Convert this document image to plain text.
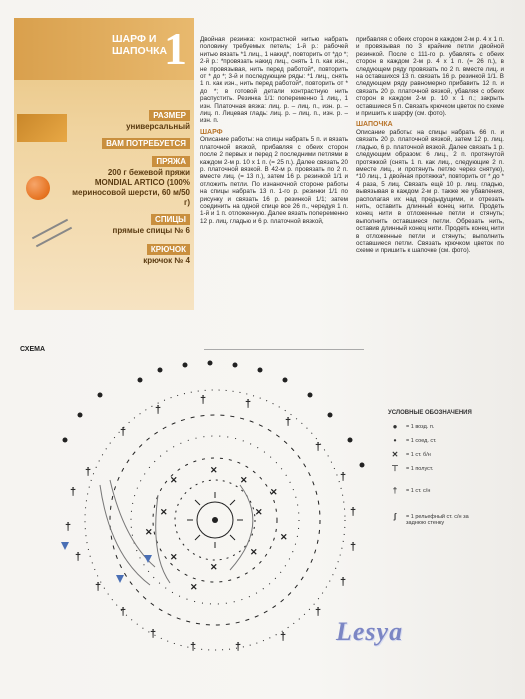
ШАРФ И ШАПОЧКА
1
РАЗМЕР
универсальный
ВАМ ПОТРЕБУЕТСЯ
ПРЯЖА
200 г бежевой пряжи MONDIAL ARTICO (100% мериносовой шерсти, 60 м/50 г)
СПИЦЫ
прямые спицы № 6
КРЮЧОК
крючок № 4
Двойная резинка: контрастной нитью набрать половину требуемых петель; 1-й р.: рабочей нитью вязать *1 лиц., 1 накид*, повторить от *до *; 2-й р.: *провязать накид лиц., снять 1 п. как изн., не провязывая, нить перед работой*, повторить от * до *; 3-й и последующие ряды: *1 лиц., снять 1 п. как изн., нить перед работой*, повторить от * до *; в готовой детали контрастную нить распустить. Резинка 1/1: попеременно 1 лиц., 1 изн. Платочная вязка: лиц. р. – лиц. п., изн. р. – лиц. п. Лицевая гладь: лиц. р. – лиц. п., изн. р. – изн. п.
ШАРФ
Описание работы: на спицы набрать 5 п. и вязать платочной вязкой, прибавляя с обеих сторон после 2 первых и перед 2 последними петлями в каждом 2-м р. 10 х 1 п. (= 25 п.). Далее связать 20 р. платочной вязкой. В 42-м р. провязать по 2 п. вместе лиц. (= 13 п.), затем 16 р. резинкой 1/1 и отложить петли. По изнаночной стороне работы на спицы набрать 13 п. 1-го р. резинки 1/1 по рисунку и связать 16 р. резинкой 1/1; затем соединить на одной спице все 26 п., чередуя 1 п. 1-й и 1 п. отложенную. Далее вязать попеременно 12 р. лиц. гладью и 6 р. платочной вязкой,
прибавляя с обеих сторон в каждом 2-м р. 4 х 1 п. и провязывая по 3 крайние петли двойной резинкой. После с 111-го р. убавлять с обеих сторон в каждом 2-м р. 4 х 1 п. (= 26 п.), в следующем ряду провязать по 2 п. вместе лиц. и на оставшихся 13 п. связать 16 р. резинкой 1/1. В следующем ряду равномерно прибавить 12 п. и связать 20 р. платочной вязкой, убавляя с обеих сторон в каждом 2-м р. 10 х 1 п.; закрыть оставшиеся 5 п. Связать крючком цветок по схеме и пришить к шарфу (см. фото).
ШАПОЧКА
Описание работы: на спицы набрать 66 п. и связать 20 р. платочной вязкой, затем 12 р. лиц. гладью, 6 р. платочной вязкой. Далее связать 1 р. следующим образом: 6 лиц., 2 п. протянутой протяжкой (снять 1 п. как лиц., следующие 2 п. вместе лиц., и протянуть петлю через снятую), *10 лиц., 1 двойная протяжка*, повторить от * до * 4 раза, 5 лиц. Связать ещё 10 р. лиц. гладью, вывязывая в каждом 2-м р. также же убавления, располагая их над предыдущими, и отрезать нить, оставить длинный конец нити. Продеть конец нити в отложенные петли и стянуть; выполнить оставшиеся петли. Обрезать нить, оставив длинный конец нити. Продеть конец нити в отложенные петли и стянуть; выполнить оставшиеся петли. Связать крючком цветок по схеме и пришить к шапочке (см. фото).
СХЕМА
✕
✕
✕
✕
✕
✕
✕
✕
✕
✕	✕
✕
†
†
†
†
†
†
†
†	†
†
†
†
†
†
†
†
†
†
†
†
†
УСЛОВНЫЕ ОБОЗНАЧЕНИЯ
●	= 1 возд. п.
•	= 1 соед. ст.
✕	= 1 ст. б/н
⊤	= 1 полуст.
†	= 1 ст. с/н
ʃ	= 1 рельефный ст. с/н за заднюю стенку
Lesya
